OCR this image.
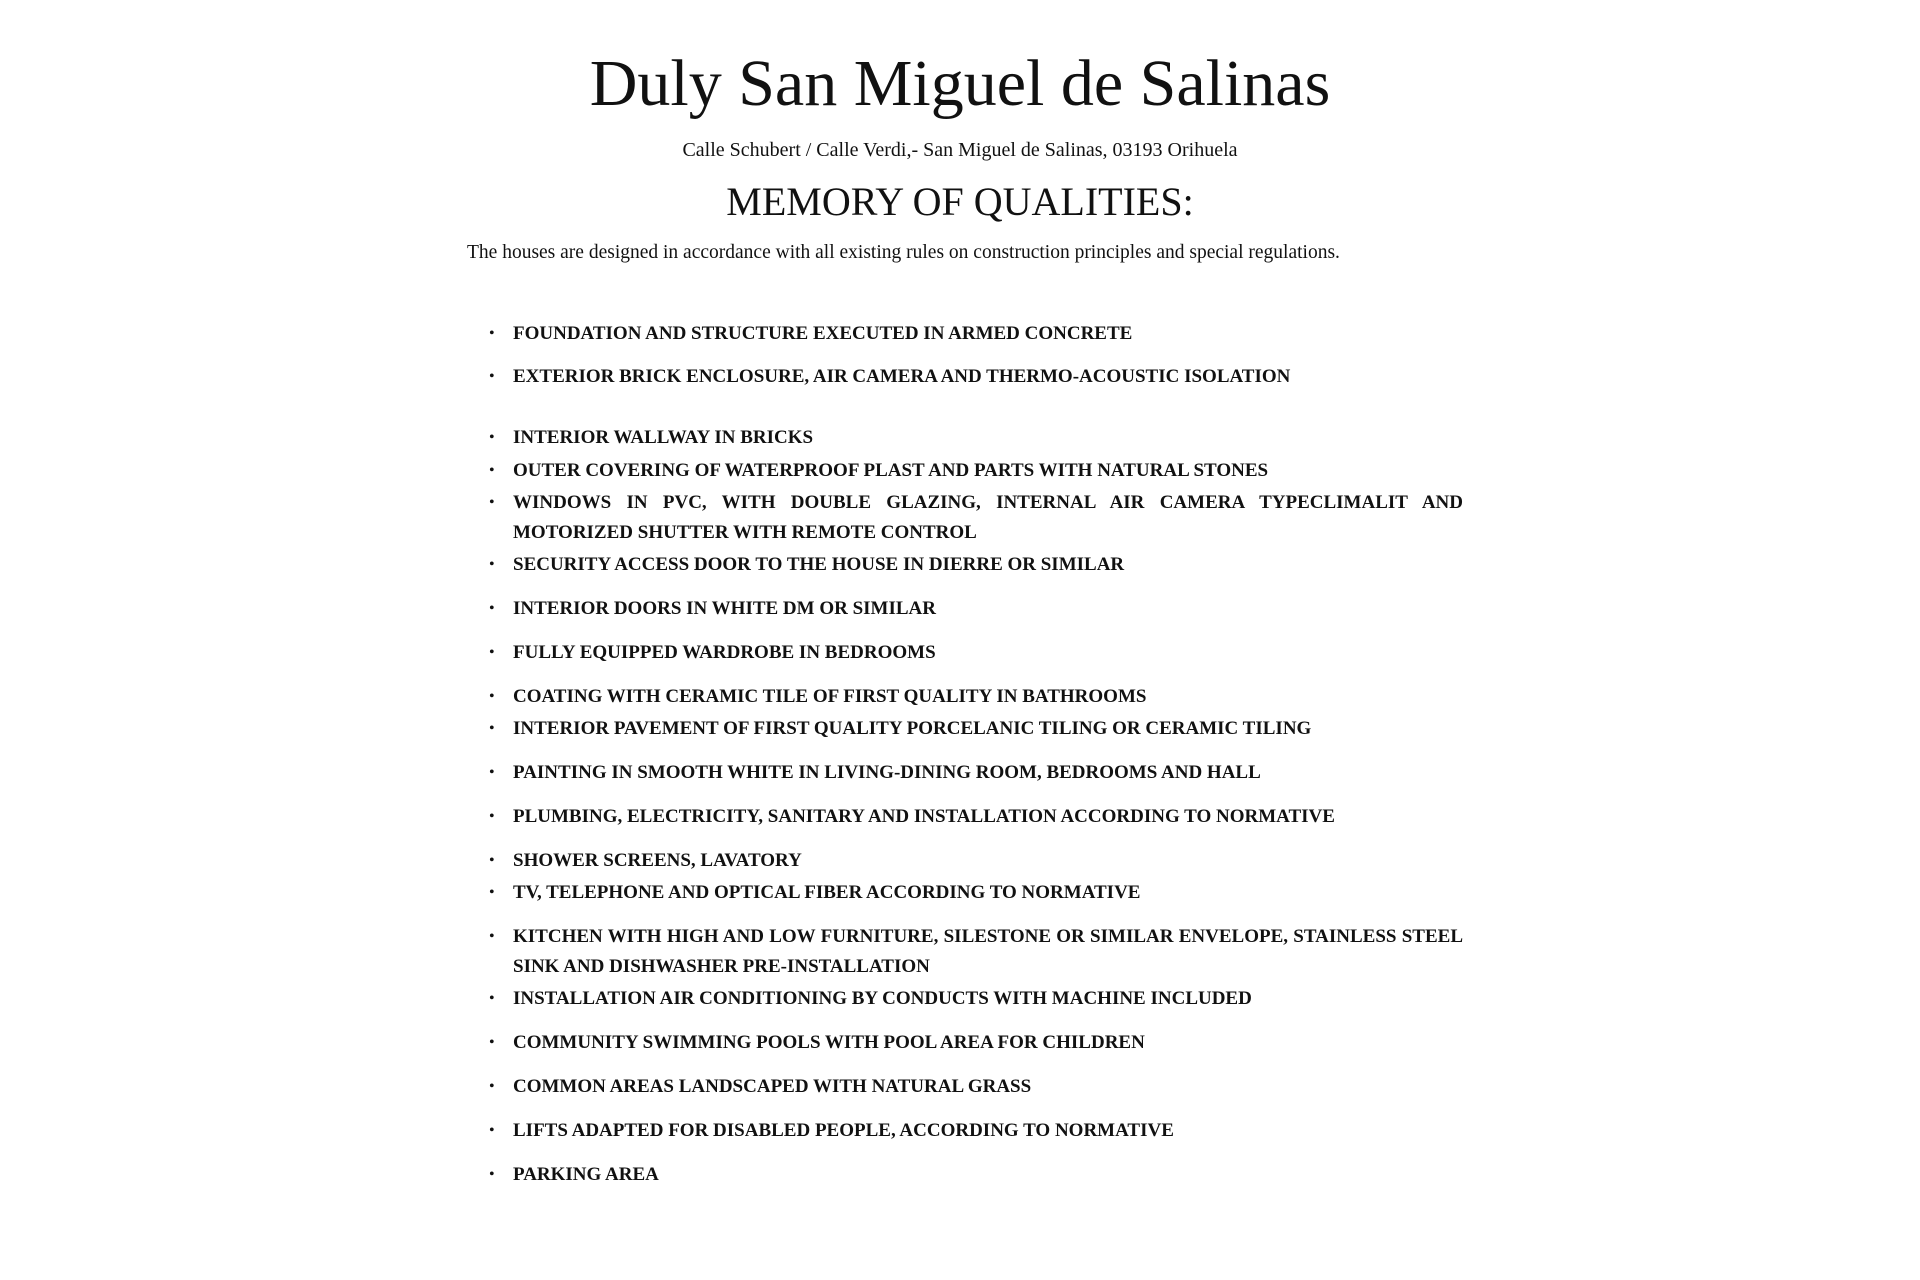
Duly San Miguel de Salinas

Calle Schubert / Calle Verdi,- San Miguel de Salinas, 03193 Orihuela

MEMORY OF QUALITIES:

The houses are designed in accordance with all existing rules on construction principles and special regulations.

• FOUNDATION AND STRUCTURE EXECUTED IN ARMED CONCRETE
• EXTERIOR BRICK ENCLOSURE, AIR CAMERA AND THERMO-ACOUSTIC ISOLATION
• INTERIOR WALLWAY IN BRICKS
• OUTER COVERING OF WATERPROOF PLAST AND PARTS WITH NATURAL STONES
• WINDOWS IN PVC, WITH DOUBLE GLAZING, INTERNAL AIR CAMERA TYPECLIMALIT AND MOTORIZED SHUTTER WITH REMOTE CONTROL
• SECURITY ACCESS DOOR TO THE HOUSE IN DIERRE OR SIMILAR
• INTERIOR DOORS IN WHITE DM OR SIMILAR
• FULLY EQUIPPED WARDROBE IN BEDROOMS
• COATING WITH CERAMIC TILE OF FIRST QUALITY IN BATHROOMS
• INTERIOR PAVEMENT OF FIRST QUALITY PORCELANIC TILING OR CERAMIC TILING
• PAINTING IN SMOOTH WHITE IN LIVING-DINING ROOM, BEDROOMS AND HALL
• PLUMBING, ELECTRICITY, SANITARY AND INSTALLATION ACCORDING TO NORMATIVE
• SHOWER SCREENS, LAVATORY
• TV, TELEPHONE AND OPTICAL FIBER ACCORDING TO NORMATIVE
• KITCHEN WITH HIGH AND LOW FURNITURE, SILESTONE OR SIMILAR ENVELOPE, STAINLESS STEEL SINK AND DISHWASHER PRE-INSTALLATION
• INSTALLATION AIR CONDITIONING BY CONDUCTS WITH MACHINE INCLUDED
• COMMUNITY SWIMMING POOLS WITH POOL AREA FOR CHILDREN
• COMMON AREAS LANDSCAPED WITH NATURAL GRASS
• LIFTS ADAPTED FOR DISABLED PEOPLE, ACCORDING TO NORMATIVE
• PARKING AREA
